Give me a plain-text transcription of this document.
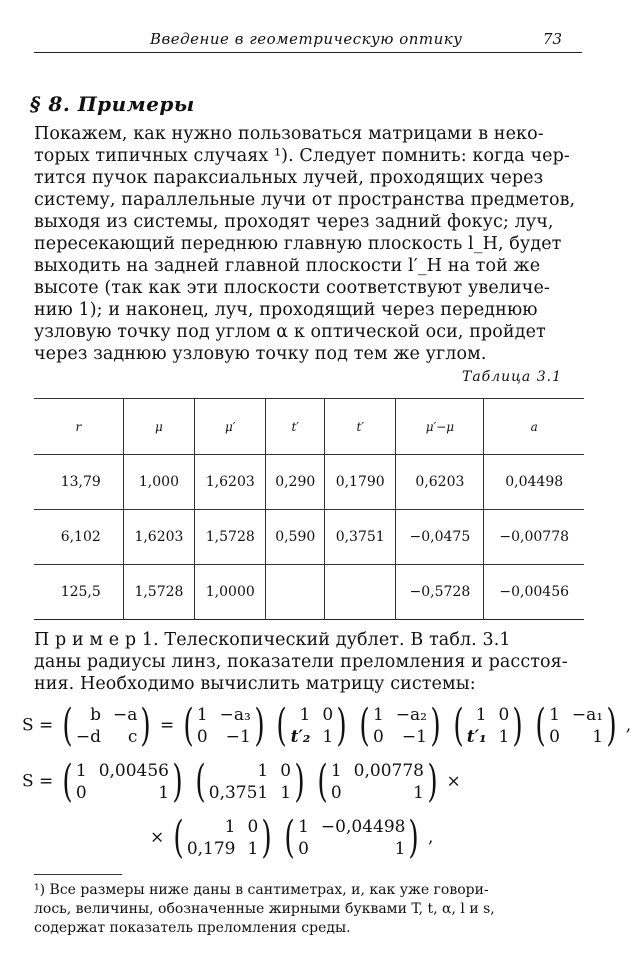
Введение в геометрическую оптику	73
§ 8. Примеры
Покажем, как нужно пользоваться матрицами в неко-
торых типичных случаях ¹). Следует помнить: когда чер-
тится пучок параксиальных лучей, проходящих через
систему, параллельные лучи от пространства предметов,
выходя из системы, проходят через задний фокус; луч,
пересекающий переднюю главную плоскость l_H, будет
выходить на задней главной плоскости l′_H на той же
высоте (так как эти плоскости соответствуют увеличе-
нию 1); и наконец, луч, проходящий через переднюю
узловую точку под углом α к оптической оси, пройдет
через заднюю узловую точку под тем же углом.
Таблица 3.1
r	μ	μ′	t′	t′	μ′−μ	a
13,79	1,000	1,6203	0,290	0,1790	0,6203	0,04498
6,102	1,6203	1,5728	0,590	0,3751	−0,0475	−0,00778
125,5	1,5728	1,0000			−0,5728	−0,00456
П р и м е р 1. Телескопический дублет. В табл. 3.1
даны радиусы линз, показатели преломления и расстоя-
ния. Необходимо вычислить матрицу системы:
S = (	b −a
−d	c ) = ( 1 −a₃
0	−1 )
( 1 0
t′₂ 1 )
( 1 −a₂
0	−1 )
( 1 0
t′₁ 1 )
( 1 −a₁
0	1 ) ,
S = ( 1 0,00456
0	1 )
(	1 0
0,3751 1 )
( 1 0,00778
0	1 ) ×
× (	1 0
0,179 1 )
( 1 −0,04498
0	1 ) ,
¹) Все размеры ниже даны в сантиметрах, и, как уже говори-
лось, величины, обозначенные жирными буквами T, t, α, l и s,
содержат показатель преломления среды.
